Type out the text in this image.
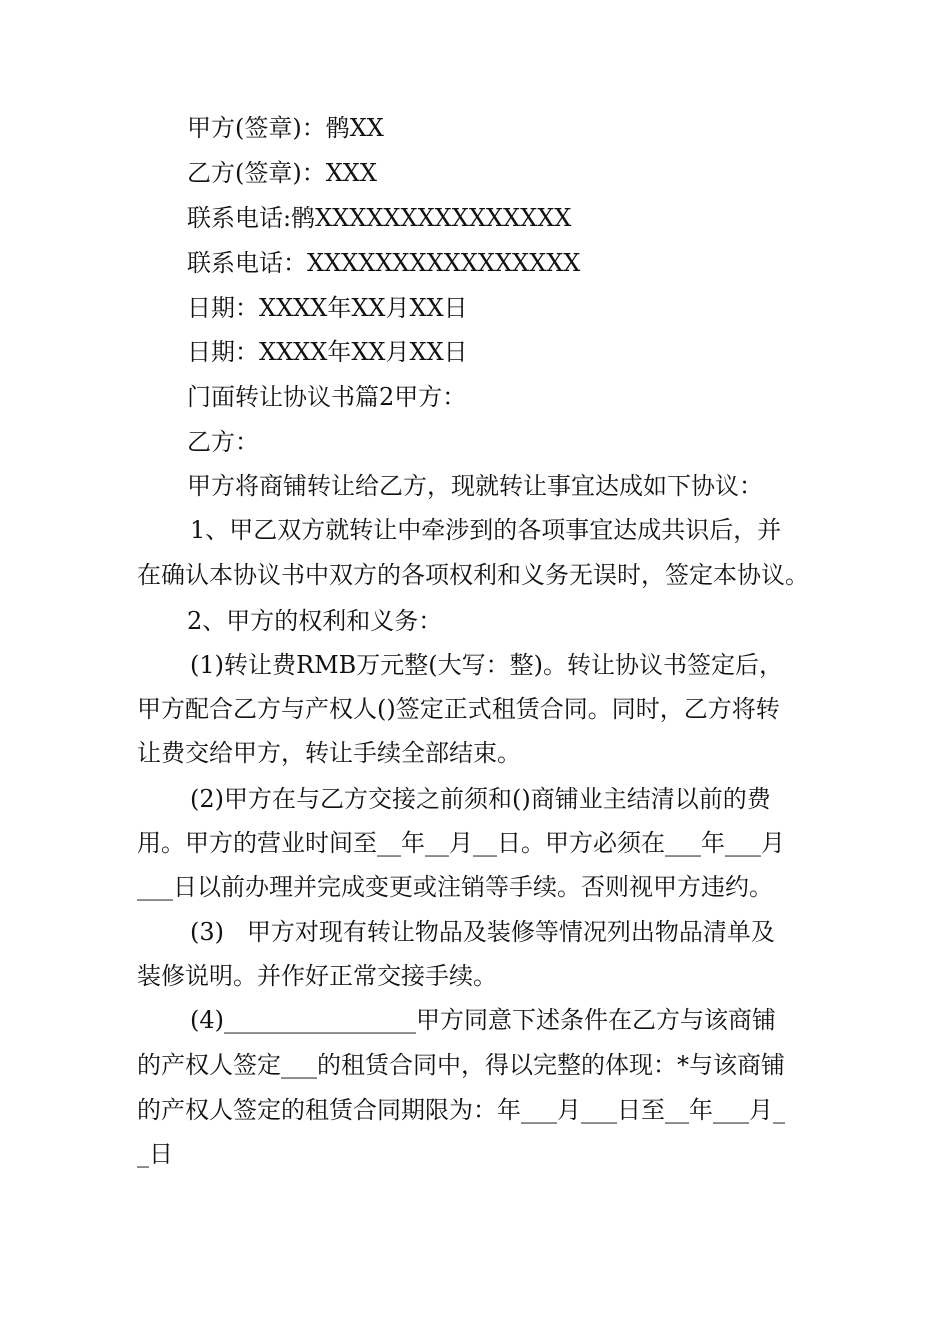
甲方(签章)：鹘XX
乙方(签章)：XXX
联系电话:鹘XXXXXXXXXXXXXXX
联系电话：XXXXXXXXXXXXXXXX
日期：XXXX年XX月XX日
日期：XXXX年XX月XX日
门面转让协议书篇2甲方：
乙方：
甲方将商铺转让给乙方，现就转让事宜达成如下协议：
1、甲乙双方就转让中牵涉到的各项事宜达成共识后，并
在确认本协议书中双方的各项权利和义务无误时，签定本协议。
2、甲方的权利和义务：
(1)转让费RMB万元整(大写：整)。转让协议书签定后，
甲方配合乙方与产权人()签定正式租赁合同。同时，乙方将转
让费交给甲方，转让手续全部结束。
(2)甲方在与乙方交接之前须和()商铺业主结清以前的费
用。甲方的营业时间至__年__月__日。甲方必须在___年___月
___日以前办理并完成变更或注销等手续。否则视甲方违约。
(3)   甲方对现有转让物品及装修等情况列出物品清单及
装修说明。并作好正常交接手续。
(4)________________甲方同意下述条件在乙方与该商铺
的产权人签定___的租赁合同中，得以完整的体现：*与该商铺
的产权人签定的租赁合同期限为：年___月___日至__年___月_
_日
